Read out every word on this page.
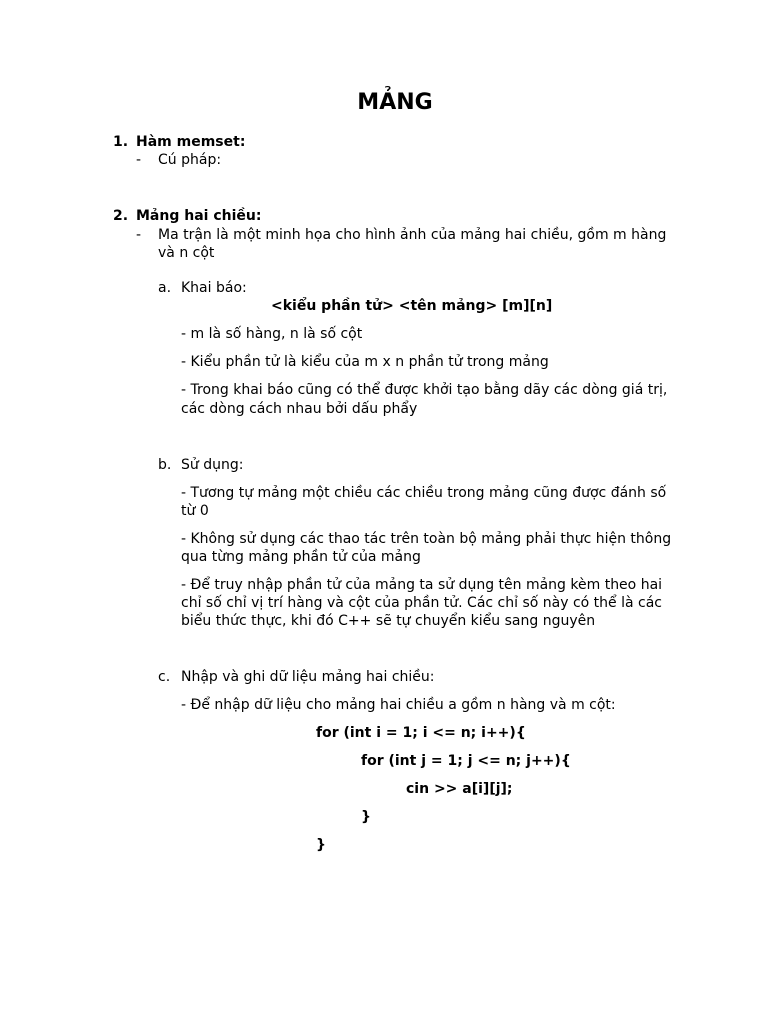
MẢNG
1. Hàm memset:
- Cú pháp:
2. Mảng hai chiều:
- Ma trận là một minh họa cho hình ảnh của mảng hai chiều, gồm m hàng
và n cột
a. Khai báo:
<kiểu phần tử> <tên mảng> [m][n]
- m là số hàng, n là số cột
- Kiểu phần tử là kiểu của m x n phần tử trong mảng
- Trong khai báo cũng có thể được khởi tạo bằng dãy các dòng giá trị,
các dòng cách nhau bởi dấu phẩy
b. Sử dụng:
- Tương tự mảng một chiều các chiều trong mảng cũng được đánh số
từ 0
- Không sử dụng các thao tác trên toàn bộ mảng phải thực hiện thông
qua từng mảng phần tử của mảng
- Để truy nhập phần tử của mảng ta sử dụng tên mảng kèm theo hai
chỉ số chỉ vị trí hàng và cột của phần tử. Các chỉ số này có thể là các
biểu thức thực, khi đó C++ sẽ tự chuyển kiểu sang nguyên
c. Nhập và ghi dữ liệu mảng hai chiều:
- Để nhập dữ liệu cho mảng hai chiều a gồm n hàng và m cột:
for (int i = 1; i <= n; i++){
for (int j = 1; j <= n; j++){
cin >> a[i][j];
}
}
